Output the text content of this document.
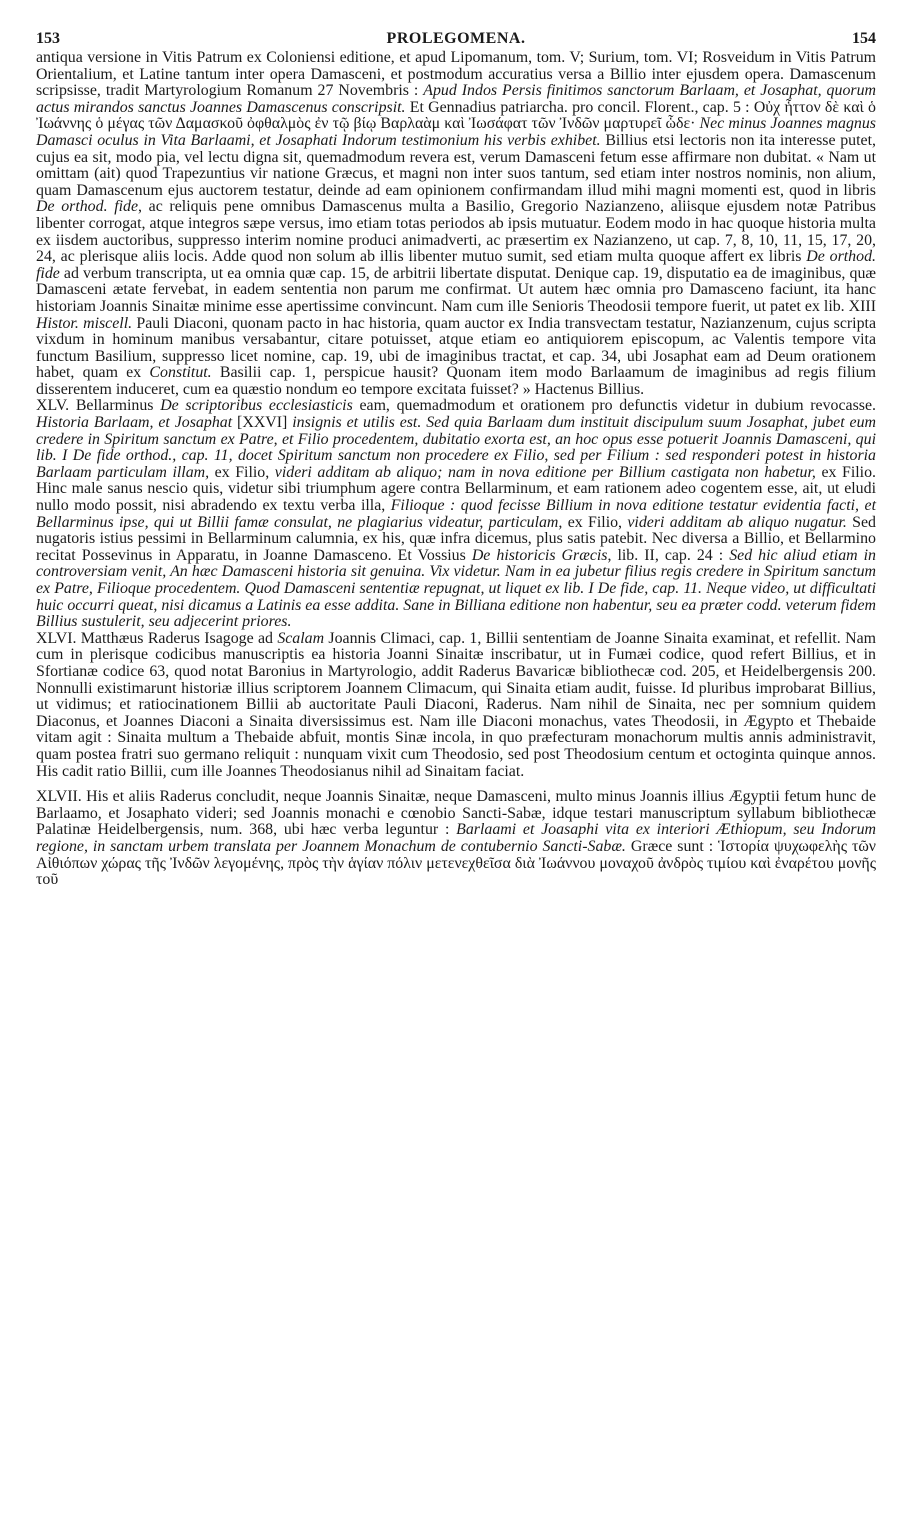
153	PROLEGOMENA.	154

antiqua versione in Vitis Patrum ex Coloniensi editione, et apud Lipomanum, tom. V; Surium, tom. VI; Rosveidum in Vitis Patrum Orientalium, et Latine tantum inter opera Damasceni, et postmodum accuratius versa a Billio inter ejusdem opera. Damascenum scripsisse, tradit Martyrologium Romanum 27 Novembris : Apud Indos Persis finitimos sanctorum Barlaam, et Josaphat, quorum actus mirandos sanctus Joannes Damascenus conscripsit. Et Gennadius patriarcha. pro concil. Florent., cap. 5 : Οὐχ ἧττον δὲ καὶ ὁ Ἰωάννης ὁ μέγας τῶν Δαμασκοῦ ὀφθαλμὸς ἐν τῷ βίῳ Βαρλαὰμ καὶ Ἰωσάφατ τῶν Ἰνδῶν μαρτυρεῖ ὧδε· Nec minus Joannes magnus Damasci oculus in Vita Barlaami, et Josaphati Indorum testimonium his verbis exhibet. Billius etsi lectoris non ita interesse putet, cujus ea sit, modo pia, vel lectu digna sit, quemadmodum revera est, verum Damasceni fetum esse affirmare non dubitat. « Nam ut omittam (ait) quod Trapezuntius vir natione Græcus, et magni non inter suos tantum, sed etiam inter nostros nominis, non alium, quam Damascenum ejus auctorem testatur, deinde ad eam opinionem confirmandam illud mihi magni momenti est, quod in libris De orthod. fide, ac reliquis pene omnibus Damascenus multa a Basilio, Gregorio Nazianzeno, aliisque ejusdem notæ Patribus libenter corrogat, atque integros sæpe versus, imo etiam totas periodos ab ipsis mutuatur. Eodem modo in hac quoque historia multa ex iisdem auctoribus, suppresso interim nomine produci animadverti, ac præsertim ex Nazianzeno, ut cap. 7, 8, 10, 11, 15, 17, 20, 24, ac plerisque aliis locis. Adde quod non solum ab illis libenter mutuo sumit, sed etiam multa quoque affert ex libris De orthod. fide ad verbum transcripta, ut ea omnia quæ cap. 15, de arbitrii libertate disputat. Denique cap. 19, disputatio ea de imaginibus, quæ Damasceni ætate fervebat, in eadem sententia non parum me confirmat. Ut autem hæc omnia pro Damasceno faciunt, ita hanc historiam Joannis Sinaitæ minime esse apertissime convincunt. Nam cum ille Senioris Theodosii tempore fuerit, ut patet ex lib. XIII Histor. miscell. Pauli Diaconi, quonam pacto in hac historia, quam auctor ex India transvectam testatur, Nazianzenum, cujus scripta vixdum in hominum manibus versabantur, citare potuisset, atque etiam eo antiquiorem episcopum, ac Valentis tempore vita functum Basilium, suppresso licet nomine, cap. 19, ubi de imaginibus tractat, et cap. 34, ubi Josaphat eam ad Deum orationem habet, quam ex Constitut. Basilii cap. 1, perspicue hausit? Quonam item modo Barlaamum de imaginibus ad regis filium disserentem induceret, cum ea quæstio nondum eo tempore excitata fuisset? » Hactenus Billius.

XLV. Bellarminus De scriptoribus ecclesiasticis eam, quemadmodum et orationem pro defunctis videtur in dubium revocasse. Historia Barlaam, et Josaphat [XXVI] insignis et utilis est. Sed quia Barlaam dum instituit discipulum suum Josaphat, jubet eum credere in Spiritum sanctum ex Patre, et Filio procedentem, dubitatio exorta est, an hoc opus esse potuerit Joannis Damasceni, qui lib. I De fide orthod., cap. 11, docet Spiritum sanctum non procedere ex Filio, sed per Filium : sed responderi potest in historia Barlaam particulam illam, ex Filio, videri additam ab aliquo; nam in nova editione per Billium castigata non habetur, ex Filio. Hinc male sanus nescio quis, videtur sibi triumphum agere contra Bellarminum, et eam rationem adeo cogentem esse, ait, ut eludi nullo modo possit, nisi abradendo ex textu verba illa, Filioque : quod fecisse Billium in nova editione testatur evidentia facti, et Bellarminus ipse, qui ut Billii famæ consulat, ne plagiarius videatur, particulam, ex Filio, videri additam ab aliquo nugatur. Sed nugatoris istius pessimi in Bellarminum calumnia, ex his, quæ infra dicemus, plus satis patebit. Nec diversa a Billio, et Bellarmino recitat Possevinus in Apparatu, in Joanne Damasceno. Et Vossius De historicis Græcis, lib. II, cap. 24 : Sed hic aliud etiam in controversiam venit, An hæc Damasceni historia sit genuina. Vix videtur. Nam in ea jubetur filius regis credere in Spiritum sanctum ex Patre, Filioque procedentem. Quod Damasceni sententiæ repugnat, ut liquet ex lib. I De fide, cap. 11. Neque video, ut difficultati huic occurri queat, nisi dicamus a Latinis ea esse addita. Sane in Billiana editione non habentur, seu ea præter codd. veterum fidem Billius sustulerit, seu adjecerint priores.

XLVI. Matthæus Raderus Isagoge ad Scalam Joannis Climaci, cap. 1, Billii sententiam de Joanne Sinaita examinat, et refellit. Nam cum in plerisque codicibus manuscriptis ea historia Joanni Sinaitæ inscribatur, ut in Fumæi codice, quod refert Billius, et in Sfortianæ codice 63, quod notat Baronius in Martyrologio, addit Raderus Bavaricæ bibliothecæ cod. 205, et Heidelbergensis 200. Nonnulli existimarunt historiæ illius scriptorem Joannem Climacum, qui Sinaita etiam audit, fuisse. Id pluribus improbarat Billius, ut vidimus; et ratiocinationem Billii ab auctoritate Pauli Diaconi, Raderus. Nam nihil de Sinaita, nec per somnium quidem Diaconus, et Joannes Diaconi a Sinaita diversissimus est. Nam ille Diaconi monachus, vates Theodosii, in Ægypto et Thebaide vitam agit : Sinaita multum a Thebaide abfuit, montis Sinæ incola, in quo præfecturam monachorum multis annis administravit, quam postea fratri suo germano reliquit : nunquam vixit cum Theodosio, sed post Theodosium centum et octoginta quinque annos. His cadit ratio Billii, cum ille Joannes Theodosianus nihil ad Sinaitam faciat.

XLVII. His et aliis Raderus concludit, neque Joannis Sinaitæ, neque Damasceni, multo minus Joannis illius Ægyptii fetum hunc de Barlaamo, et Josaphato videri; sed Joannis monachi e cœnobio Sancti-Sabæ, idque testari manuscriptum syllabum bibliothecæ Palatinæ Heidelbergensis, num. 368, ubi hæc verba leguntur : Barlaami et Joasaphi vita ex interiori Æthiopum, seu Indorum regione, in sanctam urbem translata per Joannem Monachum de contubernio Sancti-Sabæ. Græce sunt : Ἱστορία ψυχωφελὴς τῶν Αἰθιόπων χώρας τῆς Ἰνδῶν λεγομένης, πρὸς τὴν ἁγίαν πόλιν μετενεχθεῖσα διὰ Ἰωάννου μοναχοῦ ἀνδρὸς τιμίου καὶ ἐναρέτου μονῆς τοῦ
